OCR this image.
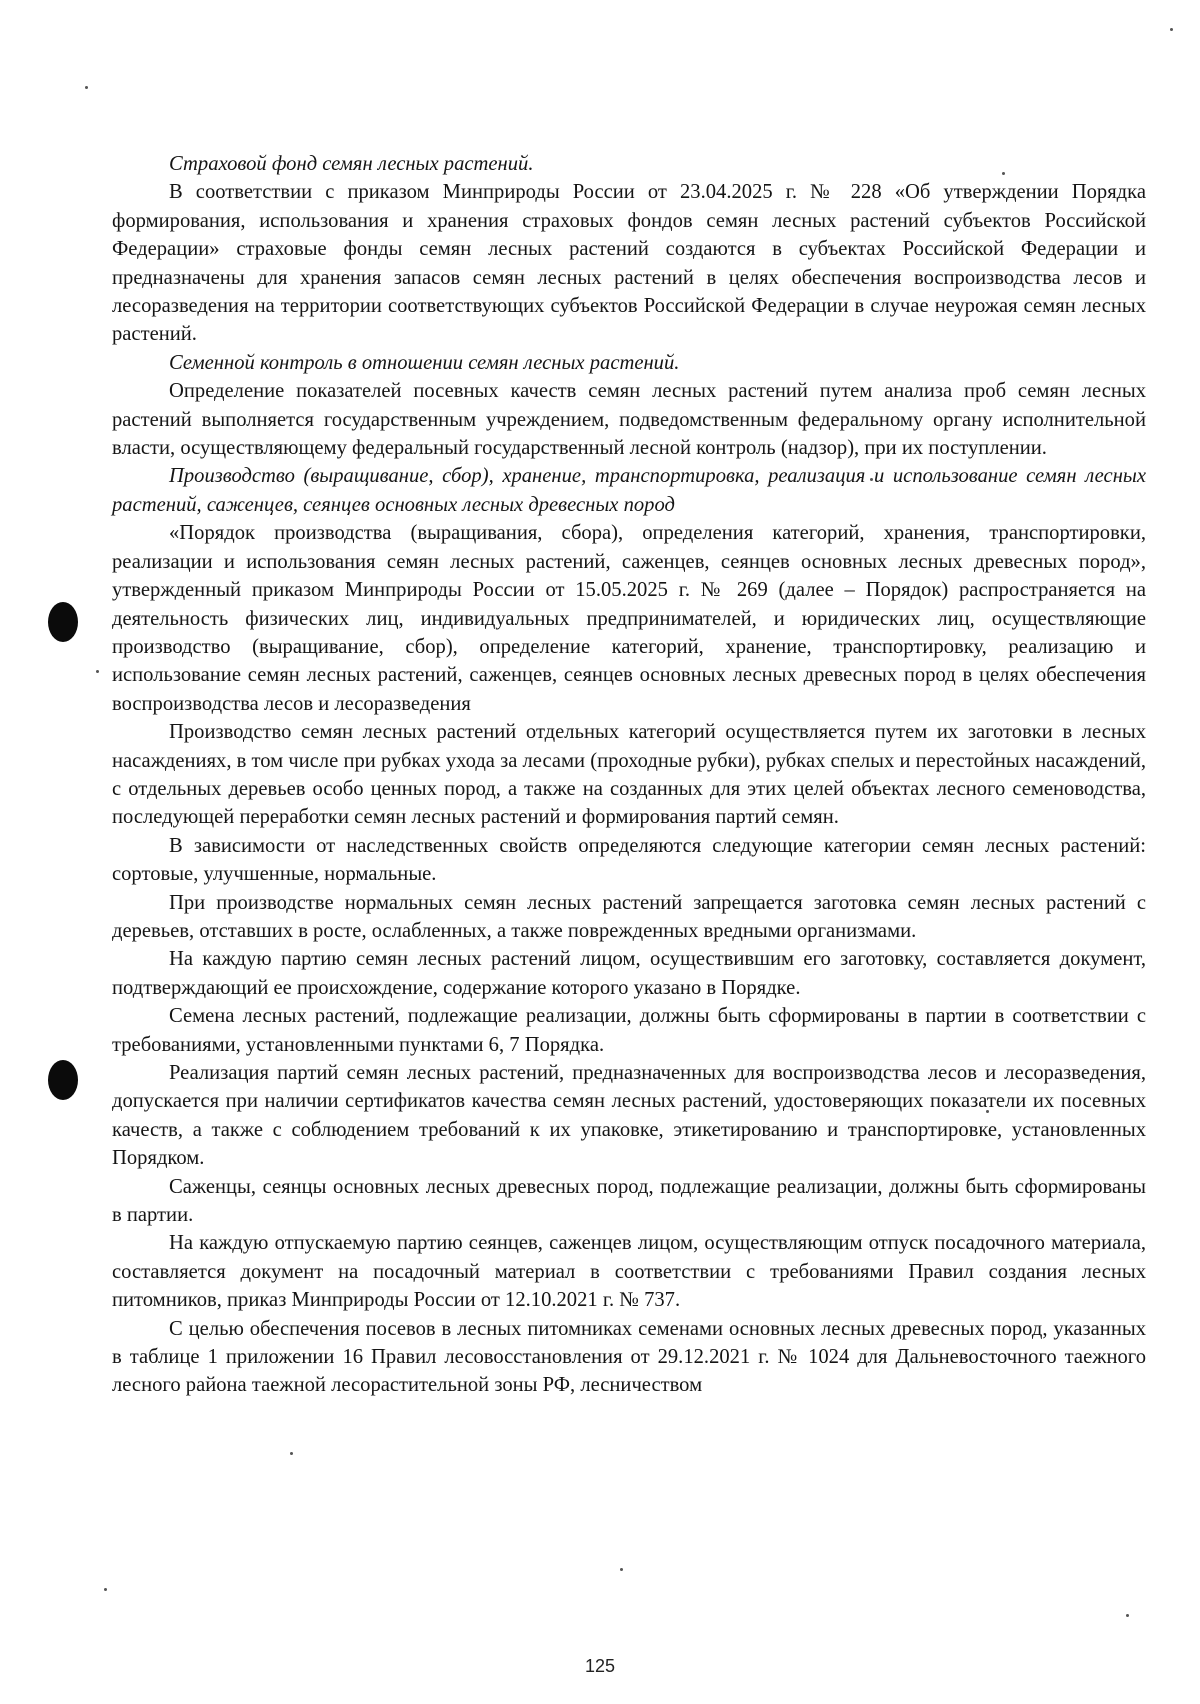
Страховой фонд семян лесных растений.

В соответствии с приказом Минприроды России от 23.04.2025 г. № 228 «Об утверждении Порядка формирования, использования и хранения страховых фондов семян лесных растений субъектов Российской Федерации» страховые фонды семян лесных растений создаются в субъектах Российской Федерации и предназначены для хранения запасов семян лесных растений в целях обеспечения воспроизводства лесов и лесоразведения на территории соответствующих субъектов Российской Федерации в случае неурожая семян лесных растений.

Семенной контроль в отношении семян лесных растений.

Определение показателей посевных качеств семян лесных растений путем анализа проб семян лесных растений выполняется государственным учреждением, подведомственным федеральному органу исполнительной власти, осуществляющему федеральный государственный лесной контроль (надзор), при их поступлении.

Производство (выращивание, сбор), хранение, транспортировка, реализация и использование семян лесных растений, саженцев, сеянцев основных лесных древесных пород

«Порядок производства (выращивания, сбора), определения категорий, хранения, транспортировки, реализации и использования семян лесных растений, саженцев, сеянцев основных лесных древесных пород», утвержденный приказом Минприроды России от 15.05.2025 г. № 269 (далее – Порядок) распространяется на деятельность физических лиц, индивидуальных предпринимателей, и юридических лиц, осуществляющие производство (выращивание, сбор), определение категорий, хранение, транспортировку, реализацию и использование семян лесных растений, саженцев, сеянцев основных лесных древесных пород в целях обеспечения воспроизводства лесов и лесоразведения

Производство семян лесных растений отдельных категорий осуществляется путем их заготовки в лесных насаждениях, в том числе при рубках ухода за лесами (проходные рубки), рубках спелых и перестойных насаждений, с отдельных деревьев особо ценных пород, а также на созданных для этих целей объектах лесного семеноводства, последующей переработки семян лесных растений и формирования партий семян.

В зависимости от наследственных свойств определяются следующие категории семян лесных растений: сортовые, улучшенные, нормальные.

При производстве нормальных семян лесных растений запрещается заготовка семян лесных растений с деревьев, отставших в росте, ослабленных, а также поврежденных вредными организмами.

На каждую партию семян лесных растений лицом, осуществившим его заготовку, составляется документ, подтверждающий ее происхождение, содержание которого указано в Порядке.

Семена лесных растений, подлежащие реализации, должны быть сформированы в партии в соответствии с требованиями, установленными пунктами 6, 7 Порядка.

Реализация партий семян лесных растений, предназначенных для воспроизводства лесов и лесоразведения, допускается при наличии сертификатов качества семян лесных растений, удостоверяющих показатели их посевных качеств, а также с соблюдением требований к их упаковке, этикетированию и транспортировке, установленных Порядком.

Саженцы, сеянцы основных лесных древесных пород, подлежащие реализации, должны быть сформированы в партии.

На каждую отпускаемую партию сеянцев, саженцев лицом, осуществляющим отпуск посадочного материала, составляется документ на посадочный материал в соответствии с требованиями Правил создания лесных питомников, приказ Минприроды России от 12.10.2021 г. № 737.

С целью обеспечения посевов в лесных питомниках семенами основных лесных древесных пород, указанных в таблице 1 приложении 16 Правил лесовосстановления от 29.12.2021 г. № 1024 для Дальневосточного таежного лесного района таежной лесорастительной зоны РФ, лесничеством

125
